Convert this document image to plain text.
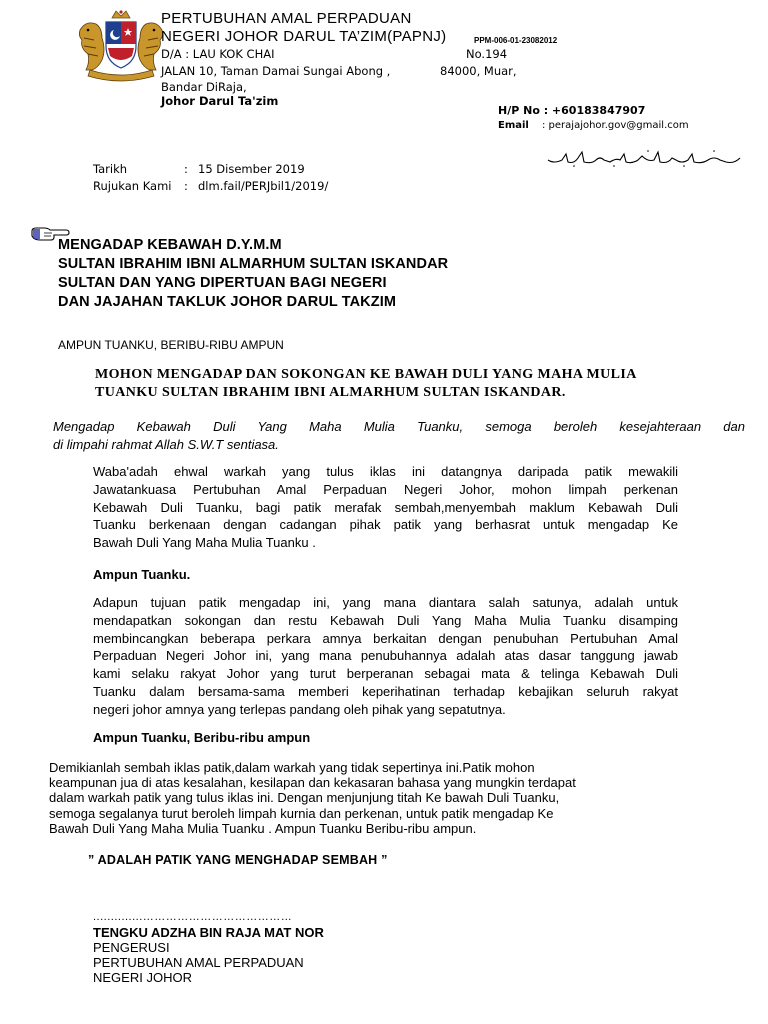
PERTUBUHAN AMAL PERPADUAN
NEGERI JOHOR DARUL TA’ZIM(PAPNJ)	PPM-006-01-23082012
D/A : LAU KOK CHAI	No.194
JALAN 10, Taman Damai Sungai Abong ,	84000, Muar,
Bandar DiRaja,
Johor Darul Ta'zim
H/P No : +60183847907
Email : perajajohor.gov@gmail.com
Tarikh	: 15 Disember 2019
Rujukan Kami : dlm.fail/PERJbil1/2019/
MENGADAP KEBAWAH D.Y.M.M
SULTAN IBRAHIM IBNI ALMARHUM SULTAN ISKANDAR
SULTAN DAN YANG DIPERTUAN BAGI NEGERI
DAN JAJAHAN TAKLUK JOHOR DARUL TAKZIM
AMPUN TUANKU, BERIBU-RIBU AMPUN
MOHON MENGADAP DAN SOKONGAN KE BAWAH DULI YANG MAHA MULIA
TUANKU SULTAN IBRAHIM IBNI ALMARHUM SULTAN ISKANDAR.
Mengadap Kebawah Duli Yang Maha Mulia Tuanku, semoga beroleh kesejahteraan dan
di limpahi rahmat Allah S.W.T sentiasa.
Waba'adah ehwal warkah yang tulus iklas ini datangnya daripada patik mewakili
Jawatankuasa Pertubuhan Amal Perpaduan Negeri Johor, mohon limpah perkenan
Kebawah Duli Tuanku, bagi patik merafak sembah,menyembah maklum Kebawah Duli
Tuanku berkenaan dengan cadangan pihak patik yang berhasrat untuk mengadap Ke
Bawah Duli Yang Maha Mulia Tuanku .
Ampun Tuanku.
Adapun tujuan patik mengadap ini, yang mana diantara salah satunya, adalah untuk
mendapatkan sokongan dan restu Kebawah Duli Yang Maha Mulia Tuanku disamping
membincangkan beberapa perkara amnya berkaitan dengan penubuhan Pertubuhan Amal
Perpaduan Negeri Johor ini, yang mana penubuhannya adalah atas dasar tanggung jawab
kami selaku rakyat Johor yang turut berperanan sebagai mata & telinga Kebawah Duli
Tuanku dalam bersama-sama memberi keperihatinan terhadap kebajikan seluruh rakyat
negeri johor amnya yang terlepas pandang oleh pihak yang sepatutnya.
Ampun Tuanku, Beribu-ribu ampun
Demikianlah sembah iklas patik,dalam warkah yang tidak sepertinya ini.Patik mohon
keampunan jua di atas kesalahan, kesilapan dan kekasaran bahasa yang mungkin terdapat
dalam warkah patik yang tulus iklas ini. Dengan menjunjung titah Ke bawah Duli Tuanku,
semoga segalanya turut beroleh limpah kurnia dan perkenan, untuk patik mengadap Ke
Bawah Duli Yang Maha Mulia Tuanku . Ampun Tuanku Beribu-ribu ampun.
” ADALAH PATIK YANG MENGHADAP SEMBAH ”
..............…………………………………
TENGKU ADZHA BIN RAJA MAT NOR
PENGERUSI
PERTUBUHAN AMAL PERPADUAN
NEGERI JOHOR
